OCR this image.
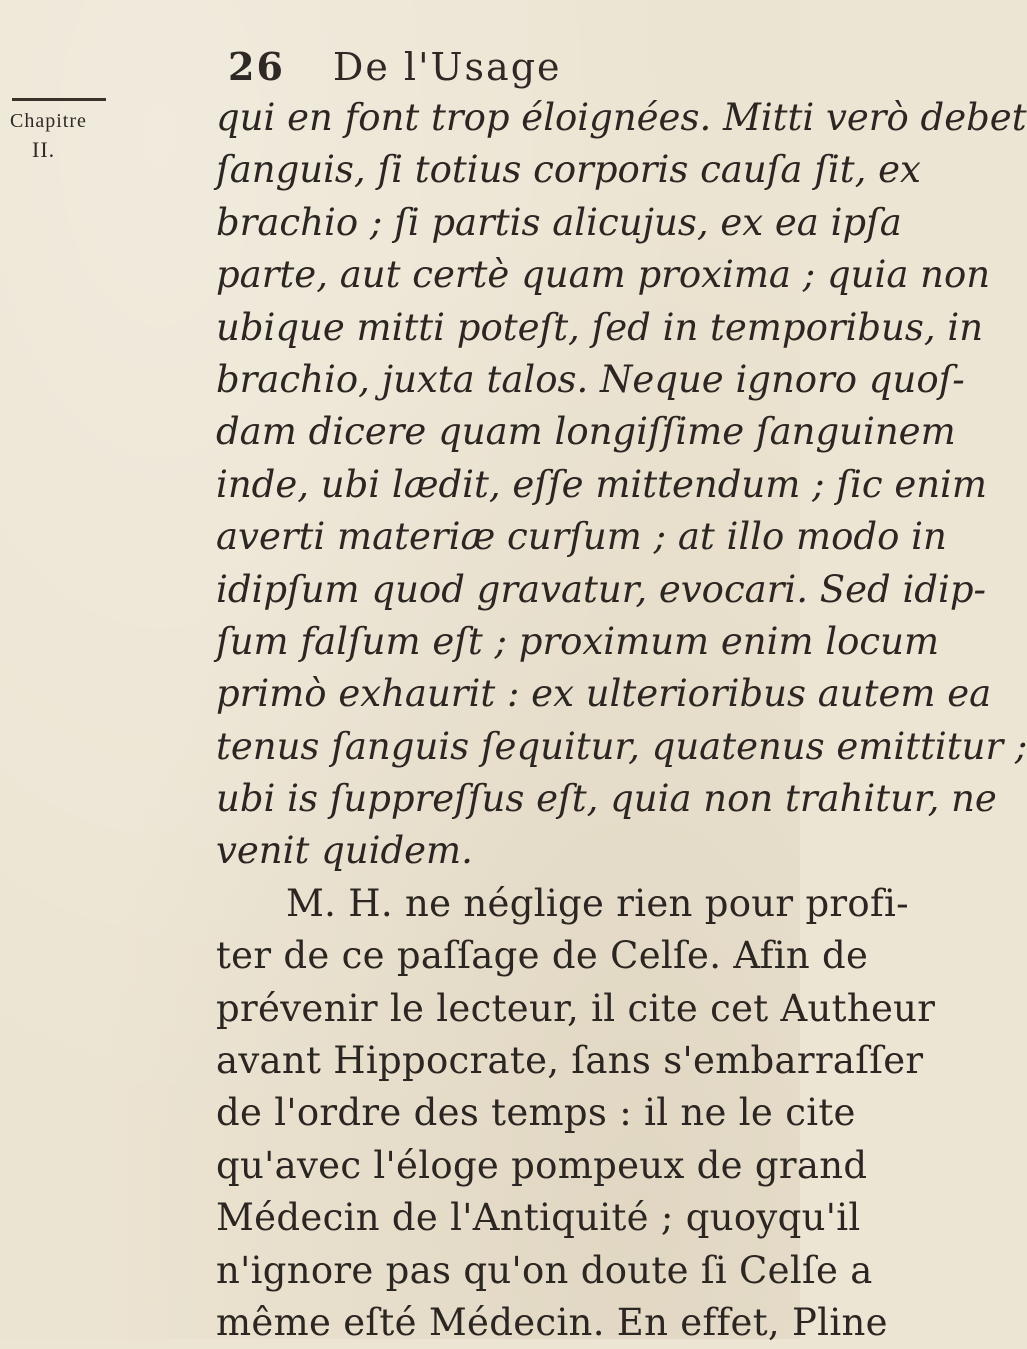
26 De l'Usage
Chapitre
II.
qui en font trop éloignées. Mitti verò debet
ſanguis, ſi totius corporis cauſa ſit, ex
brachio ; ſi partis alicujus, ex ea ipſa
parte, aut certè quam proxima ; quia non
ubique mitti poteſt, ſed in temporibus, in
brachio, juxta talos. Neque ignoro quoſ-
dam dicere quam longiſſime ſanguinem
inde, ubi lædit, eſſe mittendum ; ſic enim
averti materiæ curſum ; at illo modo in
idipſum quod gravatur, evocari. Sed idip-
ſum falſum eſt ; proximum enim locum
primò exhaurit : ex ulterioribus autem ea
tenus ſanguis ſequitur, quatenus emittitur ;
ubi is ſuppreſſus eſt, quia non trahitur, ne
venit quidem.
M. H. ne néglige rien pour profi-
ter de ce paſſage de Celſe. Afin de
prévenir le lecteur, il cite cet Autheur
avant Hippocrate, ſans s'embarraſſer
de l'ordre des temps : il ne le cite
qu'avec l'éloge pompeux de grand
Médecin de l'Antiquité ; quoyqu'il
n'ignore pas qu'on doute ſi Celſe a
même eſté Médecin. En effet, Pline
